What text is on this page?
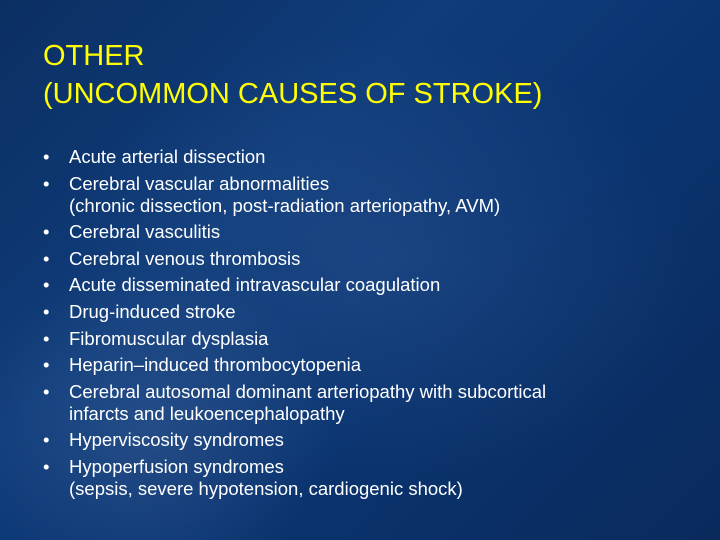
OTHER
(UNCOMMON CAUSES OF STROKE)
• Acute arterial dissection
• Cerebral vascular abnormalities
(chronic dissection, post-radiation arteriopathy, AVM)
• Cerebral vasculitis
• Cerebral venous thrombosis
• Acute disseminated intravascular coagulation
• Drug-induced stroke
• Fibromuscular dysplasia
• Heparin–induced thrombocytopenia
• Cerebral autosomal dominant arteriopathy with subcortical
infarcts and leukoencephalopathy
• Hyperviscosity syndromes
• Hypoperfusion syndromes
(sepsis, severe hypotension, cardiogenic shock)
